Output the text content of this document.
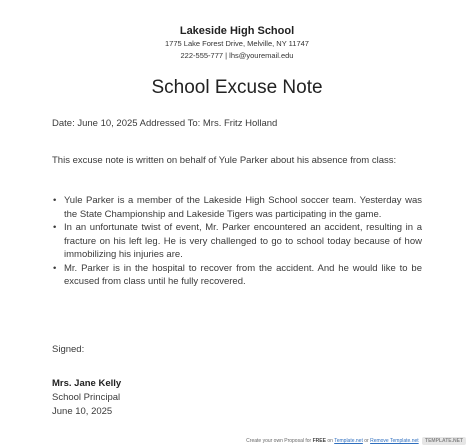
Lakeside High School
1775 Lake Forest Drive, Melville, NY 11747
222-555-777 | lhs@youremail.edu
School Excuse Note
Date: June 10, 2025 Addressed To: Mrs. Fritz Holland
This excuse note is written on behalf of Yule Parker about his absence from class:
• Yule Parker is a member of the Lakeside High School soccer team. Yesterday was the State Championship and Lakeside Tigers was participating in the game.
• In an unfortunate twist of event, Mr. Parker encountered an accident, resulting in a fracture on his left leg. He is very challenged to go to school today because of how immobilizing his injuries are.
• Mr. Parker is in the hospital to recover from the accident. And he would like to be excused from class until he fully recovered.
Signed:
Mrs. Jane Kelly
School Principal
June 10, 2025
Create your own Proposal for FREE on Template.net or Remove Template.net TEMPLATE.NET
